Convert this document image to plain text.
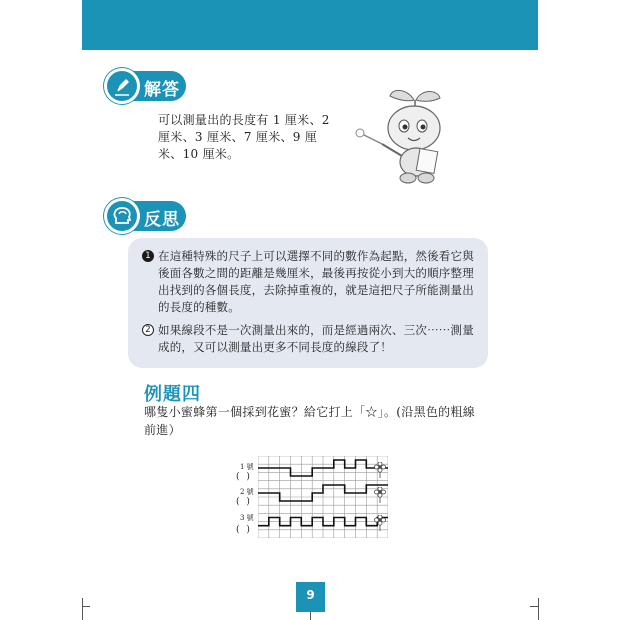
解答
可以測量出的長度有 1 厘米、2 厘米、3 厘米、7 厘米、9 厘米、10 厘米。
反思
1 在這種特殊的尺子上可以選擇不同的數作為起點，然後看它與後面各數之間的距離是幾厘米，最後再按從小到大的順序整理出找到的各個長度，去除掉重複的，就是這把尺子所能測量出的長度的種數。
2 如果線段不是一次測量出來的，而是經過兩次、三次⋯⋯測量成的，又可以測量出更多不同長度的線段了！
例題四
哪隻小蜜蜂第一個採到花蜜？給它打上「☆」。(沿黑色的粗線前進）
1 號
( )
2 號
( )
3 號
( )
9
